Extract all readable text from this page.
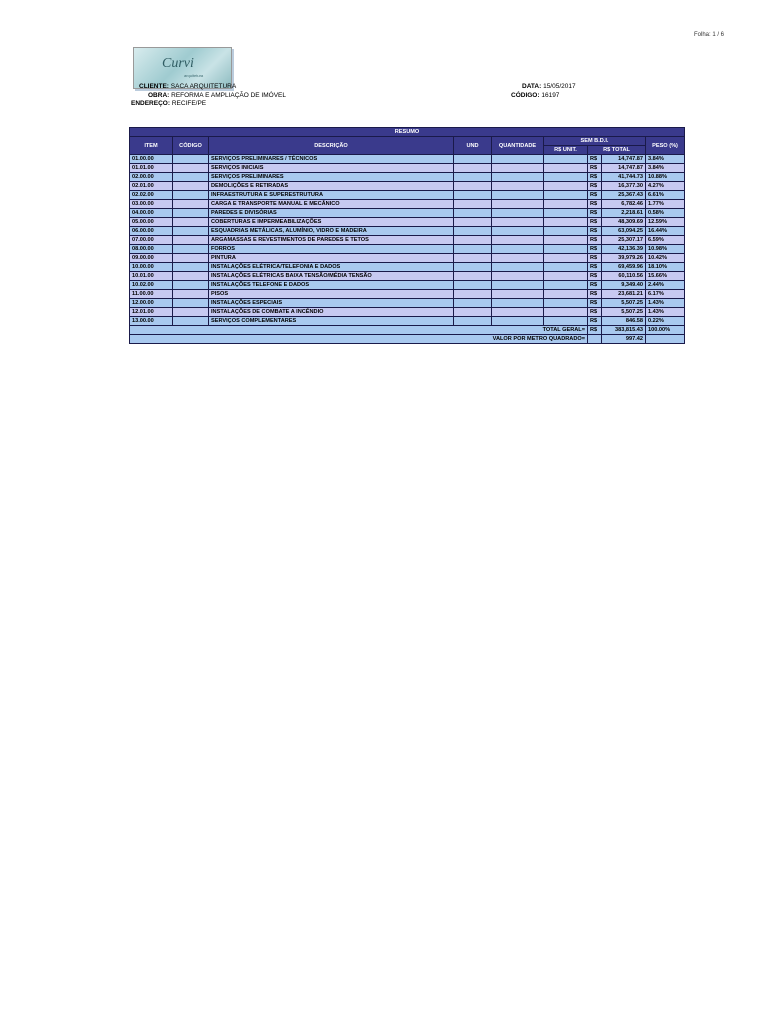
Folha: 1 / 6
Curvi
arquitetura
CLIENTE: SACA ARQUITETURA
OBRA: REFORMA E AMPLIAÇÃO DE IMÓVEL
ENDEREÇO: RECIFE/PE
DATA: 15/05/2017
CÓDIGO: 16197
RESUMO								
ITEM	CÓDIGO	DESCRIÇÃO	UND	QUANTIDADE	SEM B.D.I.			PESO (%)
					R$ UNIT.	R$ TOTAL		
01.00.00		SERVIÇOS PRELIMINARES / TÉCNICOS				R$	14,747.87	3.84%
01.01.00		SERVIÇOS INICIAIS				R$	14,747.87	3.84%
02.00.00		SERVIÇOS PRELIMINARES				R$	41,744.73	10.88%
02.01.00		DEMOLIÇÕES E RETIRADAS				R$	16,377.30	4.27%
02.02.00		INFRAESTRUTURA E SUPERESTRUTURA				R$	25,367.43	6.61%
03.00.00		CARGA E TRANSPORTE MANUAL E MECÂNICO				R$	6,782.46	1.77%
04.00.00		PAREDES E DIVISÓRIAS				R$	2,218.61	0.58%
05.00.00		COBERTURAS E IMPERMEABILIZAÇÕES				R$	48,309.69	12.59%
06.00.00		ESQUADRIAS METÁLICAS, ALUMÍNIO, VIDRO E MADEIRA				R$	63,094.25	16.44%
07.00.00		ARGAMASSAS E REVESTIMENTOS DE PAREDES E TETOS				R$	25,307.17	6.59%
08.00.00		FORROS				R$	42,136.39	10.98%
09.00.00		PINTURA				R$	39,979.26	10.42%
10.00.00		INSTALAÇÕES ELÉTRICA/TELEFONIA E DADOS				R$	69,459.96	18.10%
10.01.00		INSTALAÇÕES ELÉTRICAS BAIXA TENSÃO/MÉDIA TENSÃO				R$	60,110.56	15.66%
10.02.00		INSTALAÇÕES TELEFONE E DADOS				R$	9,349.40	2.44%
11.00.00		PISOS				R$	23,681.21	6.17%
12.00.00		INSTALAÇÕES ESPECIAIS				R$	5,507.25	1.43%
12.01.00		INSTALAÇÕES DE COMBATE A INCÊNDIO				R$	5,507.25	1.43%
13.00.00		SERVIÇOS COMPLEMENTARES				R$	846.58	0.22%
TOTAL GERAL=						R$	383,815.43	100.00%
VALOR POR METRO QUADRADO=							997.42	
